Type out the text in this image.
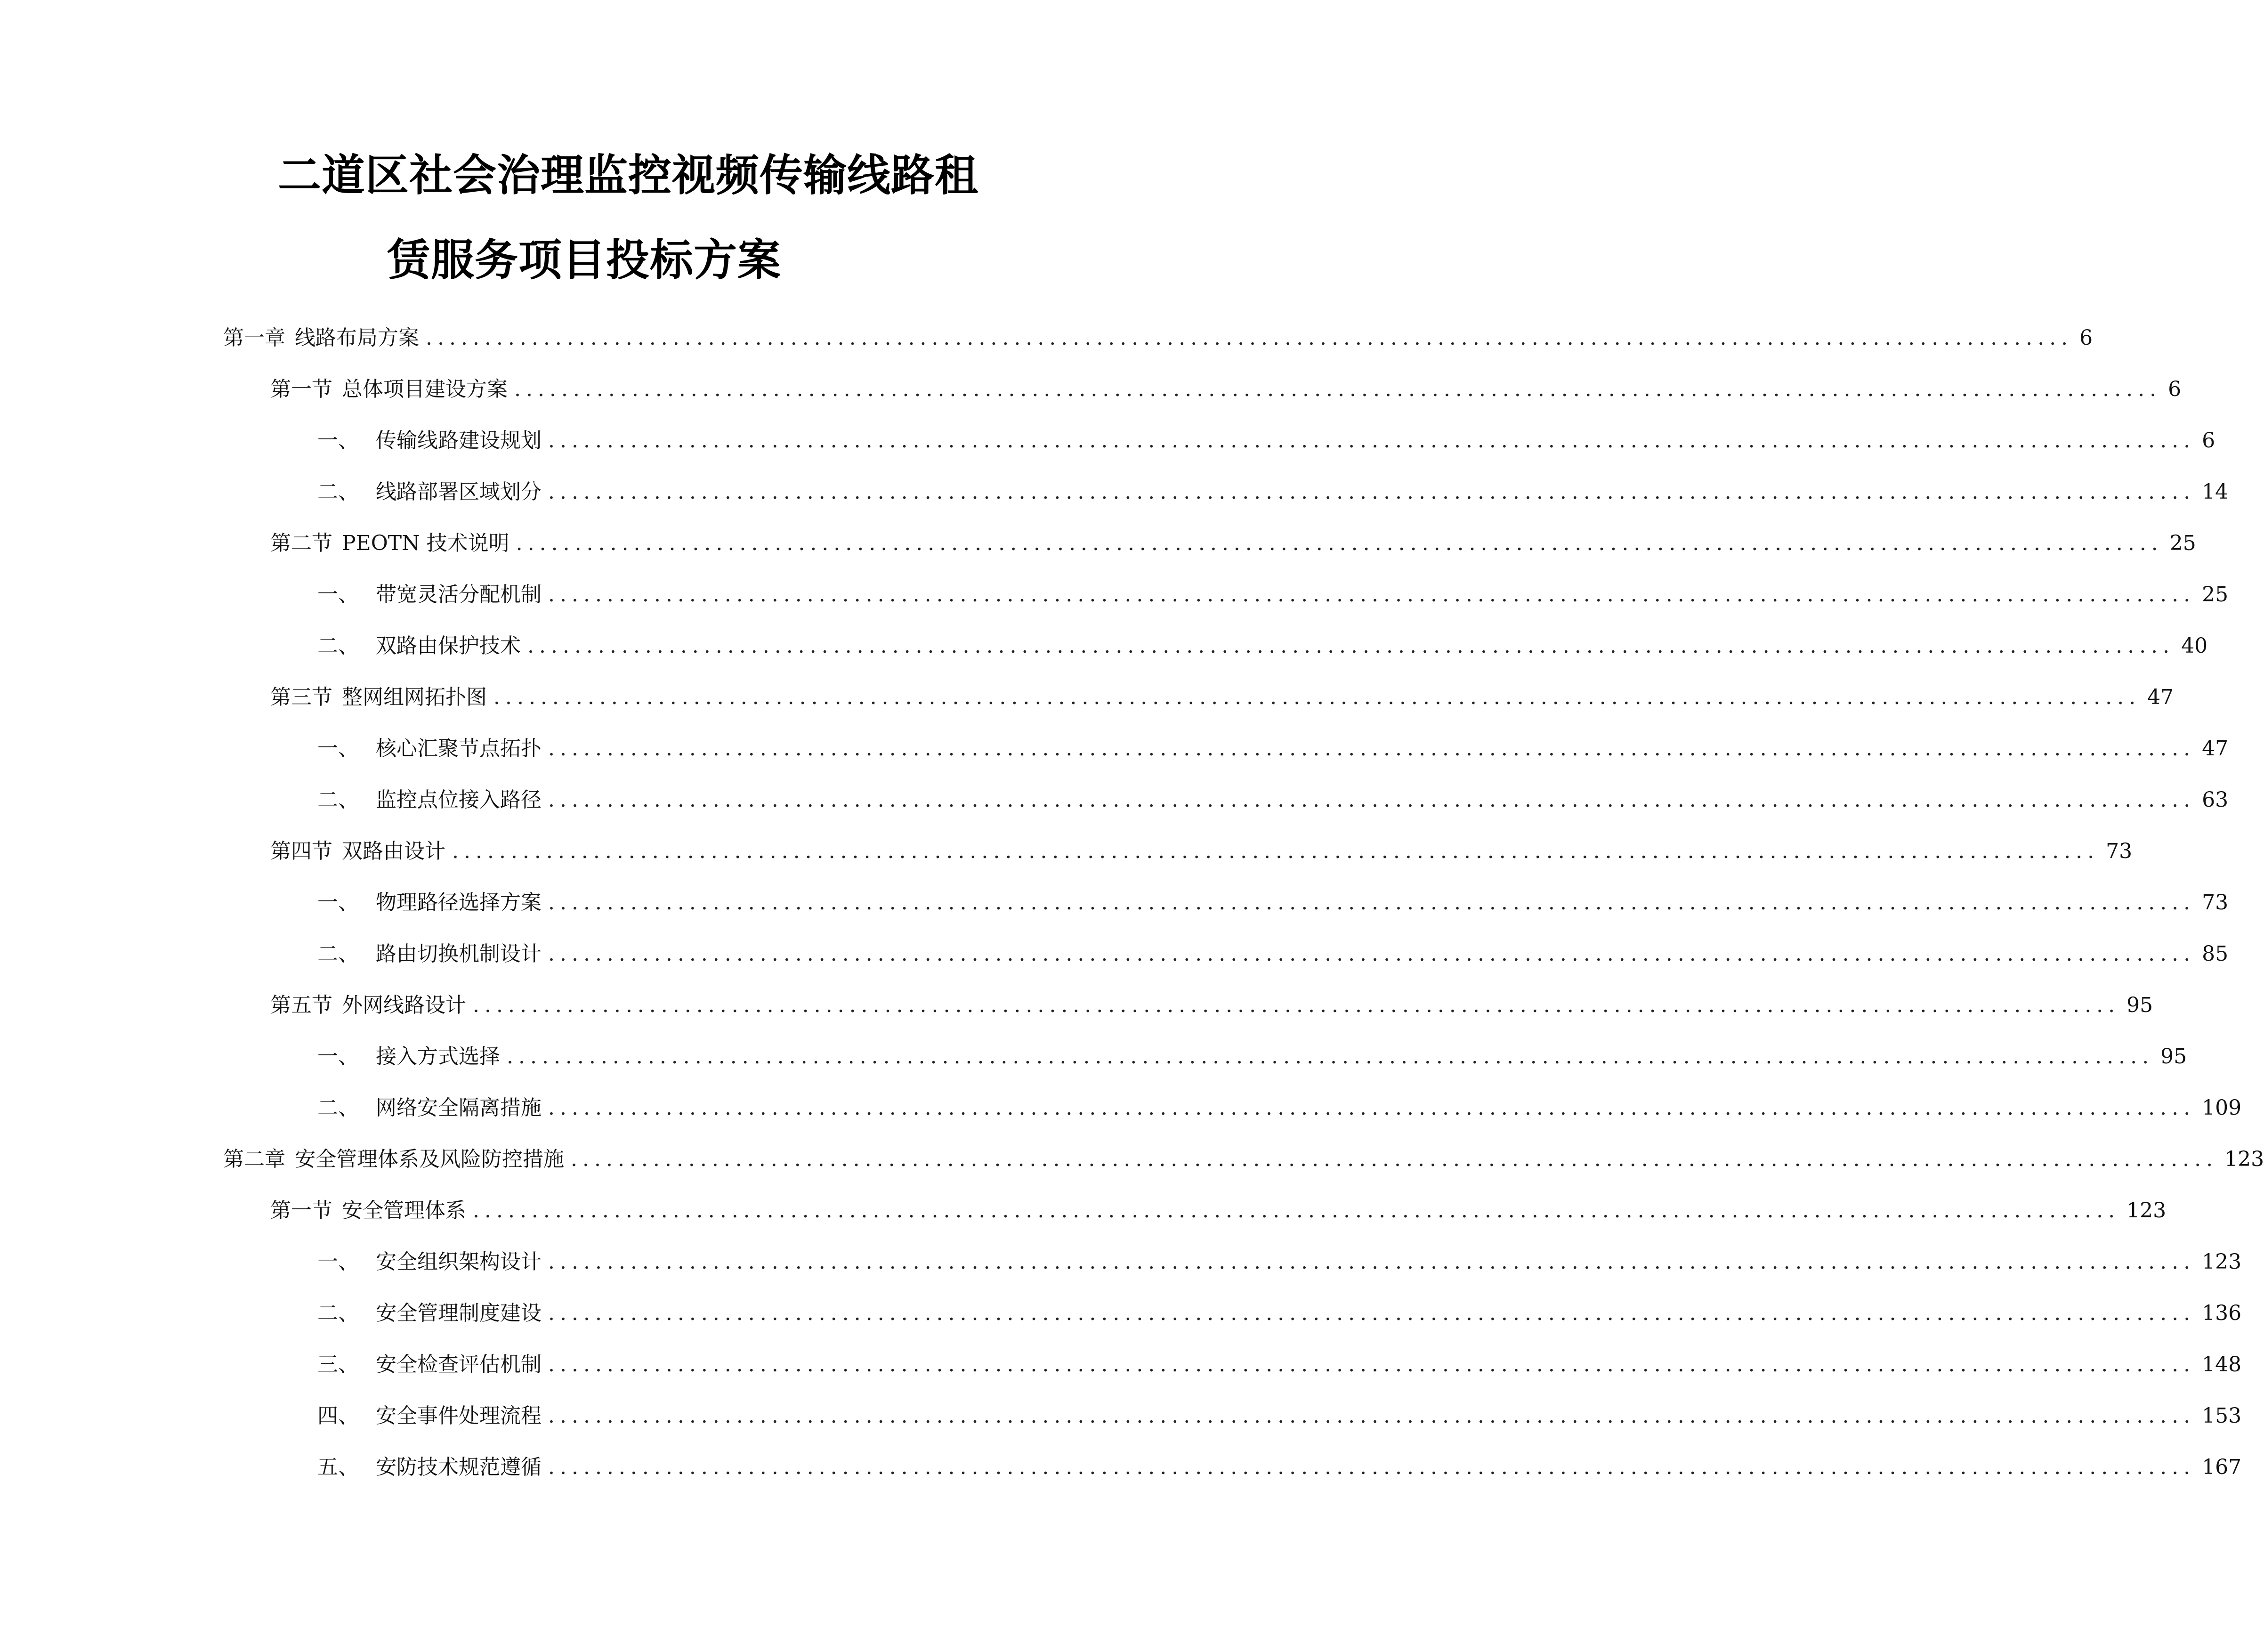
二道区社会治理监控视频传输线路租
赁服务项目投标方案
第一章 线路布局方案 ............................................................................................................................................ 6
第一节 总体项目建设方案 ............................................................................................................................................ 6
一、 传输线路建设规划 ............................................................................................................................................ 6
二、 线路部署区域划分 ............................................................................................................................................ 14
第二节 PEOTN 技术说明 ............................................................................................................................................ 25
一、 带宽灵活分配机制 ............................................................................................................................................ 25
二、 双路由保护技术 ............................................................................................................................................ 40
第三节 整网组网拓扑图 ............................................................................................................................................ 47
一、 核心汇聚节点拓扑 ............................................................................................................................................ 47
二、 监控点位接入路径 ............................................................................................................................................ 63
第四节 双路由设计 ............................................................................................................................................ 73
一、 物理路径选择方案 ............................................................................................................................................ 73
二、 路由切换机制设计 ............................................................................................................................................ 85
第五节 外网线路设计 ............................................................................................................................................ 95
一、 接入方式选择 ............................................................................................................................................ 95
二、 网络安全隔离措施 ............................................................................................................................................ 109
第二章 安全管理体系及风险防控措施 ............................................................................................................................................ 123
第一节 安全管理体系 ............................................................................................................................................ 123
一、 安全组织架构设计 ............................................................................................................................................ 123
二、 安全管理制度建设 ............................................................................................................................................ 136
三、 安全检查评估机制 ............................................................................................................................................ 148
四、 安全事件处理流程 ............................................................................................................................................ 153
五、 安防技术规范遵循 ............................................................................................................................................ 167
